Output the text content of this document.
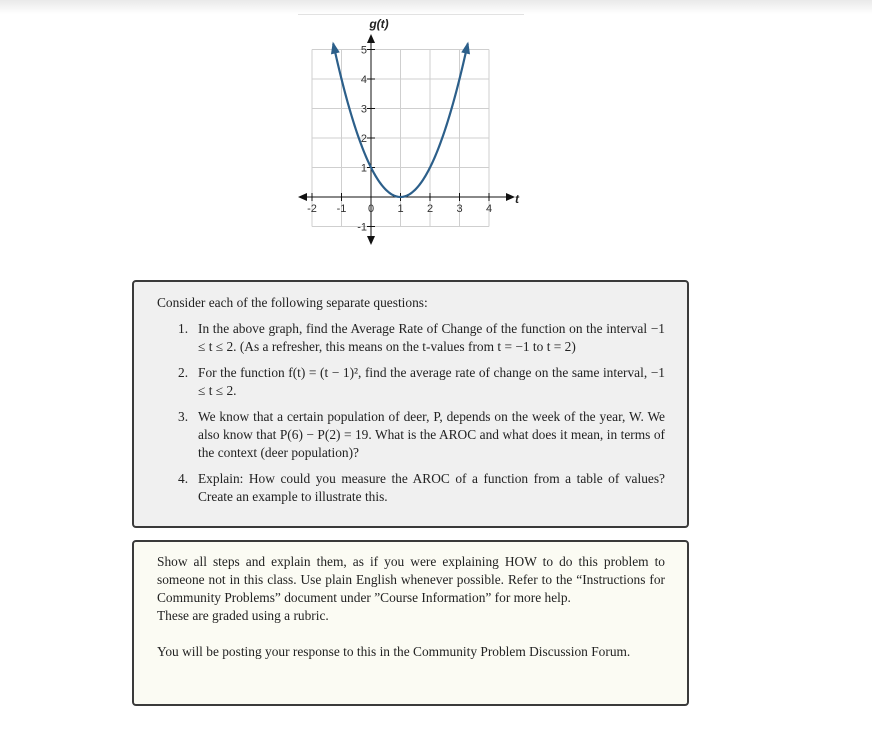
-2 -1 0 1 2 3 4
5
4
3
2
1
-1
g(t)
t

Consider each of the following separate questions:

1. In the above graph, find the Average Rate of Change of the function on the interval −1 ≤ t ≤ 2. (As a refresher, this means on the t-values from t = −1 to t = 2)
2. For the function f(t) = (t − 1)², find the average rate of change on the same interval, −1 ≤ t ≤ 2.
3. We know that a certain population of deer, P, depends on the week of the year, W. We also know that P(6) − P(2) = 19. What is the AROC and what does it mean, in terms of the context (deer population)?
4. Explain: How could you measure the AROC of a function from a table of values? Create an example to illustrate this.

Show all steps and explain them, as if you were explaining HOW to do this problem to someone not in this class. Use plain English whenever possible. Refer to the “Instructions for Community Problems” document under ”Course Information” for more help.

These are graded using a rubric.

You will be posting your response to this in the Community Problem Discussion Forum.
